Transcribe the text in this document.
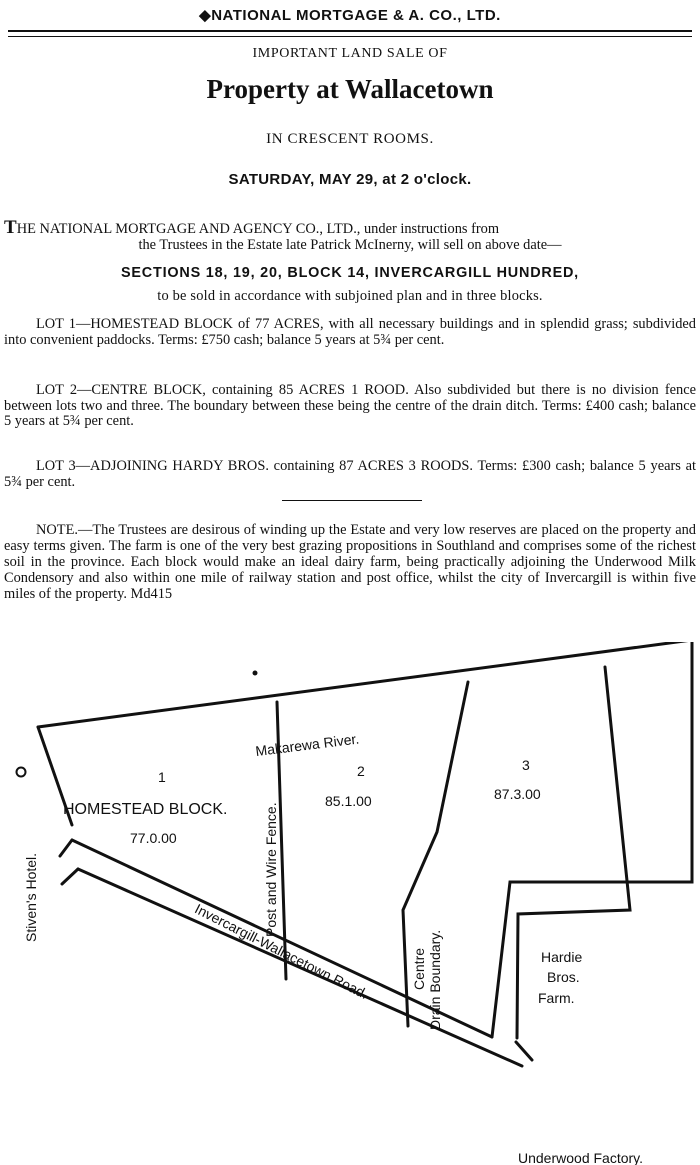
◆NATIONAL MORTGAGE & A. CO., LTD.
IMPORTANT LAND SALE OF
Property at Wallacetown
IN CRESCENT ROOMS.
SATURDAY, MAY 29, at 2 o'clock.
THE NATIONAL MORTGAGE AND AGENCY CO., LTD., under instructions from
the Trustees in the Estate late Patrick McInerny, will sell on above date—
SECTIONS 18, 19, 20, BLOCK 14, INVERCARGILL HUNDRED,
to be sold in accordance with subjoined plan and in three blocks.
LOT 1—HOMESTEAD BLOCK of 77 ACRES, with all necessary buildings and in splendid grass; subdivided into convenient paddocks. Terms: £750 cash; balance 5 years at 5¾ per cent.
LOT 2—CENTRE BLOCK, containing 85 ACRES 1 ROOD. Also subdivided but there is no division fence between lots two and three. The boundary between these being the centre of the drain ditch. Terms: £400 cash; balance 5 years at 5¾ per cent.
LOT 3—ADJOINING HARDY BROS. containing 87 ACRES 3 ROODS. Terms: £300 cash; balance 5 years at 5¾ per cent.
NOTE.—The Trustees are desirous of winding up the Estate and very low reserves are placed on the property and easy terms given. The farm is one of the very best grazing propositions in Southland and comprises some of the richest soil in the province. Each block would make an ideal dairy farm, being practically adjoining the Underwood Milk Condensory and also within one mile of railway station and post office, whilst the city of Invercargill is within five miles of the property. Md415
Makarewa River.
Invercargill-Wallacetown Road.
Stiven's Hotel.	Post and Wire Fence.
Centre Drain Boundary.	Hardie
Bros.
Farm.
Underwood Factory.
1
HOMESTEAD BLOCK.
77.0.00
2
85.1.00
3
87.3.00
